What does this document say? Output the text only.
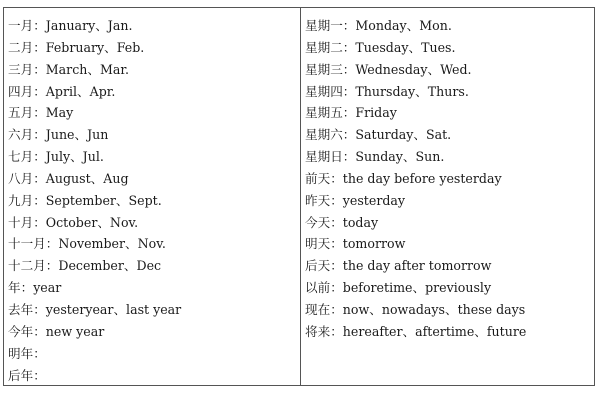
一月：January、Jan.
二月：February、Feb.
三月：March、Mar.
四月：April、Apr.
五月：May
六月：June、Jun
七月：July、Jul.
八月：August、Aug
九月：September、Sept.
十月：October、Nov.
十一月：November、Nov.
十二月：December、Dec
年：year
去年：yesteryear、last year
今年：new year
明年：
后年：
星期一：Monday、Mon.
星期二：Tuesday、Tues.
星期三：Wednesday、Wed.
星期四：Thursday、Thurs.
星期五：Friday
星期六：Saturday、Sat.
星期日：Sunday、Sun.
前天：the day before yesterday
昨天：yesterday
今天：today
明天：tomorrow
后天：the day after tomorrow
以前：beforetime、previously
现在：now、nowadays、these days
将来：hereafter、aftertime、future
